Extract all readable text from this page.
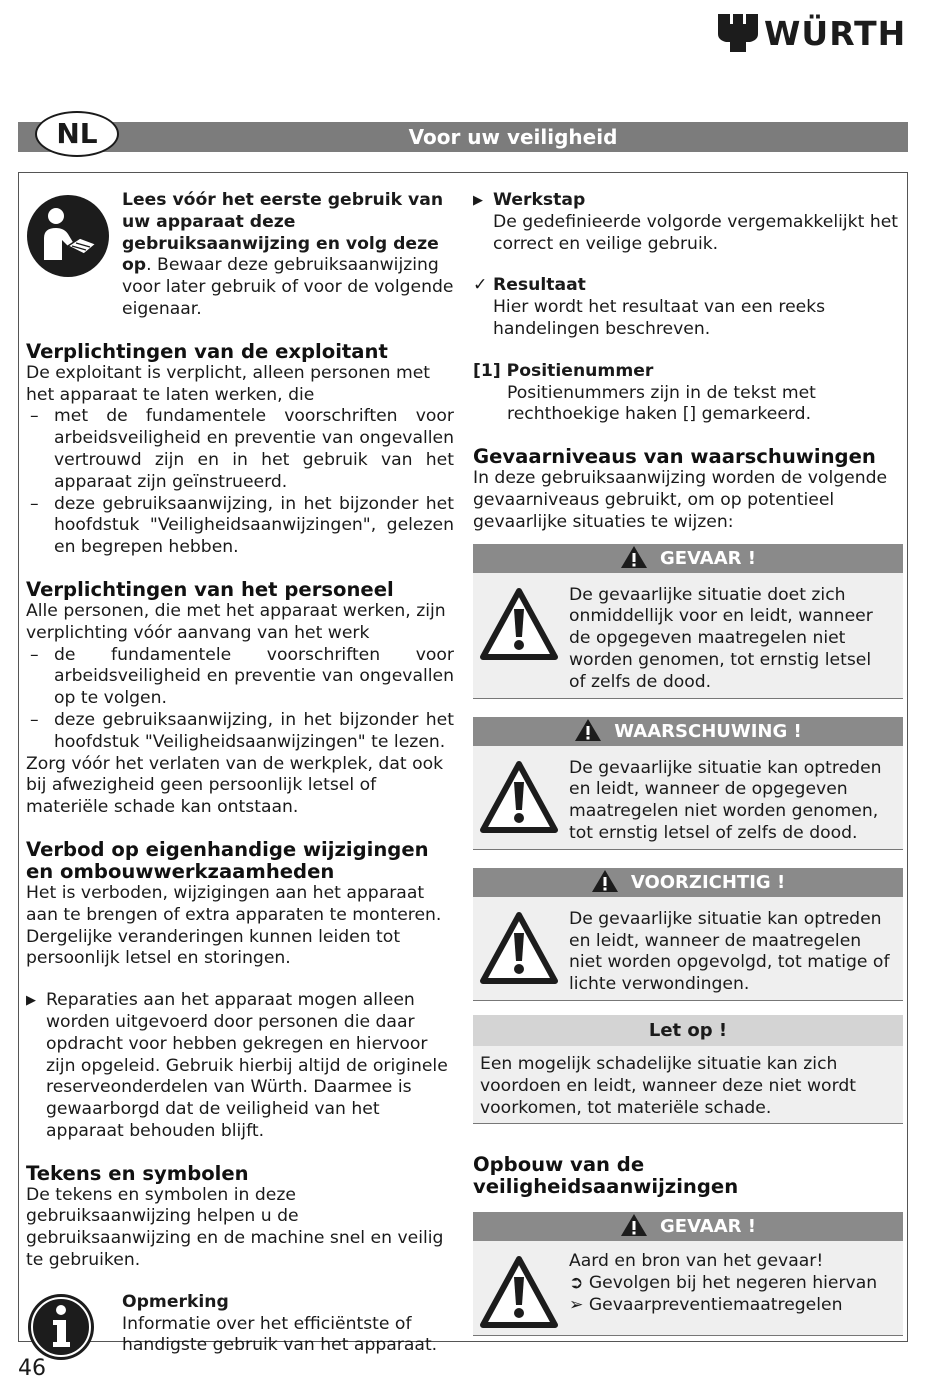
WÜRTH
Voor uw veiligheid
NL

Lees vóór het eerste gebruik van uw apparaat deze gebruiksaanwijzing en volg deze op. Bewaar deze gebruiksaanwijzing voor later gebruik of voor de volgende eigenaar.

Verplichtingen van de exploitant

De exploitant is verplicht, alleen personen met het apparaat te laten werken, die

– met de fundamentele voorschriften voor arbeidsveiligheid en preventie van ongevallen vertrouwd zijn en in het gebruik van het apparaat zijn geïnstrueerd.
– deze gebruiksaanwijzing, in het bijzonder het hoofdstuk "Veiligheidsaanwijzingen", gelezen en begrepen hebben.
Verplichtingen van het personeel

Alle personen, die met het apparaat werken, zijn verplichting vóór aanvang van het werk

– de fundamentele voorschriften voor arbeidsveiligheid en preventie van ongevallen op te volgen.
– deze gebruiksaanwijzing, in het bijzonder het hoofdstuk "Veiligheidsaanwijzingen" te lezen.

Zorg vóór het verlaten van de werkplek, dat ook bij afwezigheid geen persoonlijk letsel of materiële schade kan ontstaan.

Verbod op eigenhandige wijzigingen en ombouwwerkzaamheden

Het is verboden, wijzigingen aan het apparaat aan te brengen of extra apparaten te monteren. Dergelijke veranderingen kunnen leiden tot persoonlijk letsel en storingen.

▶ Reparaties aan het apparaat mogen alleen worden uitgevoerd door personen die daar opdracht voor hebben gekregen en hiervoor zijn opgeleid. Gebruik hierbij altijd de originele reserveonderdelen van Würth. Daarmee is gewaarborgd dat de veiligheid van het apparaat behouden blijft.

Tekens en symbolen

De tekens en symbolen in deze gebruiksaanwijzing helpen u de gebruiksaanwijzing en de machine snel en veilig te gebruiken.

Opmerking

Informatie over het efficiëntste of handigste gebruik van het apparaat.

▶ Werkstap

De gedefinieerde volgorde vergemakkelijkt het correct en veilige gebruik.

✓ Resultaat

Hier wordt het resultaat van een reeks handelingen beschreven.

[1] Positienummer

Positienummers zijn in de tekst met rechthoekige haken [] gemarkeerd.

Gevaarniveaus van waarschuwingen

In deze gebruiksaanwijzing worden de volgende gevaarniveaus gebruikt, om op potentieel gevaarlijke situaties te wijzen:

GEVAAR !

De gevaarlijke situatie doet zich onmiddellijk voor en leidt, wanneer de opgegeven maatregelen niet worden genomen, tot ernstig letsel of zelfs de dood.

WAARSCHUWING !

De gevaarlijke situatie kan optreden en leidt, wanneer de opgegeven maatregelen niet worden genomen, tot ernstig letsel of zelfs de dood.

VOORZICHTIG !

De gevaarlijke situatie kan optreden en leidt, wanneer de maatregelen niet worden opgevolgd, tot matige of lichte verwondingen.

Let op !

Een mogelijk schadelijke situatie kan zich voordoen en leidt, wanneer deze niet wordt voorkomen, tot materiële schade.

Opbouw van de veiligheidsaanwijzingen
GEVAAR !

Aard en bron van het gevaar!

➲ Gevolgen bij het negeren hiervan

➢ Gevaarpreventiemaatregelen

46
